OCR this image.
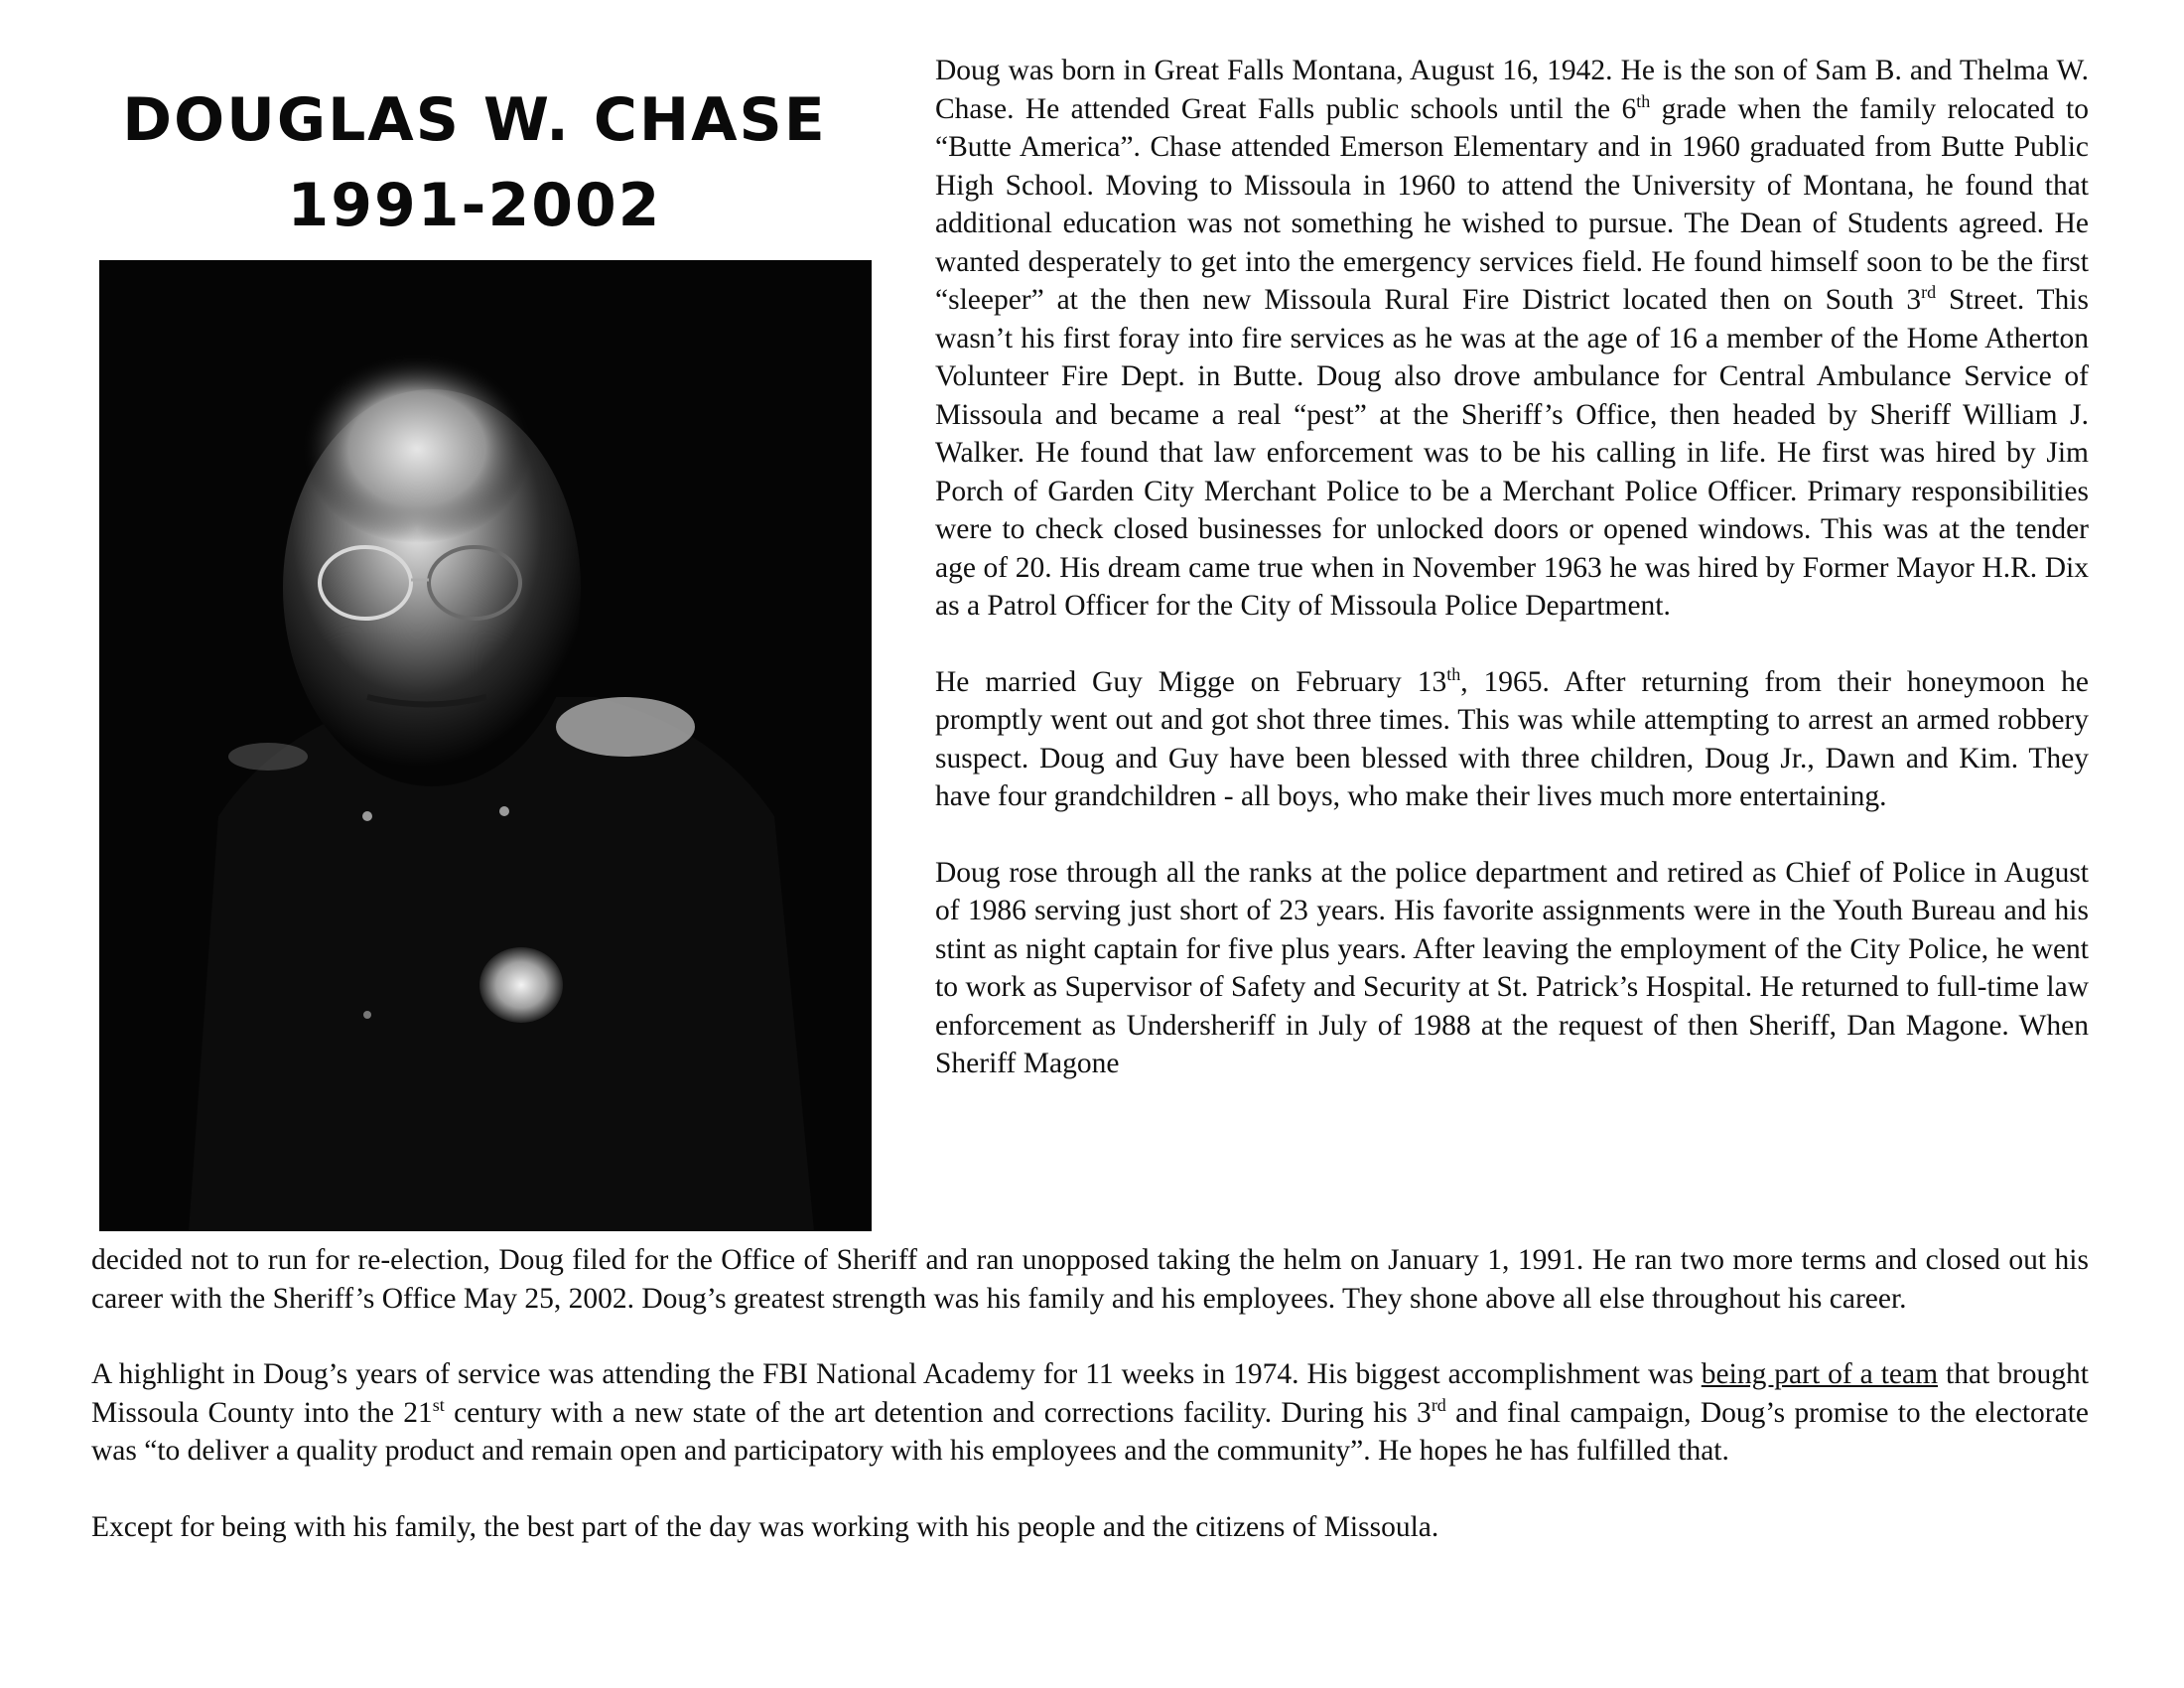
DOUGLAS W. CHASE
1991-2002

Doug was born in Great Falls Montana, August 16, 1942. He is the son of Sam B. and Thelma W. Chase. He attended Great Falls public schools until the 6th grade when the family relocated to “Butte America”. Chase attended Emerson Elementary and in 1960 graduated from Butte Public High School. Moving to Missoula in 1960 to attend the University of Montana, he found that additional education was not something he wished to pursue. The Dean of Students agreed. He wanted desperately to get into the emergency services field. He found himself soon to be the first “sleeper” at the then new Missoula Rural Fire District located then on South 3rd Street. This wasn’t his first foray into fire services as he was at the age of 16 a member of the Home Atherton Volunteer Fire Dept. in Butte. Doug also drove ambulance for Central Ambulance Service of Missoula and became a real “pest” at the Sheriff’s Office, then headed by Sheriff William J. Walker. He found that law enforcement was to be his calling in life. He first was hired by Jim Porch of Garden City Merchant Police to be a Merchant Police Officer. Primary responsibilities were to check closed businesses for unlocked doors or opened windows. This was at the tender age of 20. His dream came true when in November 1963 he was hired by Former Mayor H.R. Dix as a Patrol Officer for the City of Missoula Police Department.

He married Guy Migge on February 13th, 1965. After returning from their honeymoon he promptly went out and got shot three times. This was while attempting to arrest an armed robbery suspect. Doug and Guy have been blessed with three children, Doug Jr., Dawn and Kim. They have four grandchildren - all boys, who make their lives much more entertaining.

Doug rose through all the ranks at the police department and retired as Chief of Police in August of 1986 serving just short of 23 years. His favorite assignments were in the Youth Bureau and his stint as night captain for five plus years. After leaving the employment of the City Police, he went to work as Supervisor of Safety and Security at St. Patrick’s Hospital. He returned to full-time law enforcement as Undersheriff in July of 1988 at the request of then Sheriff, Dan Magone. When Sheriff Magone

decided not to run for re-election, Doug filed for the Office of Sheriff and ran unopposed taking the helm on January 1, 1991. He ran two more terms and closed out his career with the Sheriff’s Office May 25, 2002. Doug’s greatest strength was his family and his employees. They shone above all else throughout his career.

A highlight in Doug’s years of service was attending the FBI National Academy for 11 weeks in 1974. His biggest accomplishment was being part of a team that brought Missoula County into the 21st century with a new state of the art detention and corrections facility. During his 3rd and final campaign, Doug’s promise to the electorate was “to deliver a quality product and remain open and participatory with his employees and the community”. He hopes he has fulfilled that.

Except for being with his family, the best part of the day was working with his people and the citizens of Missoula.
